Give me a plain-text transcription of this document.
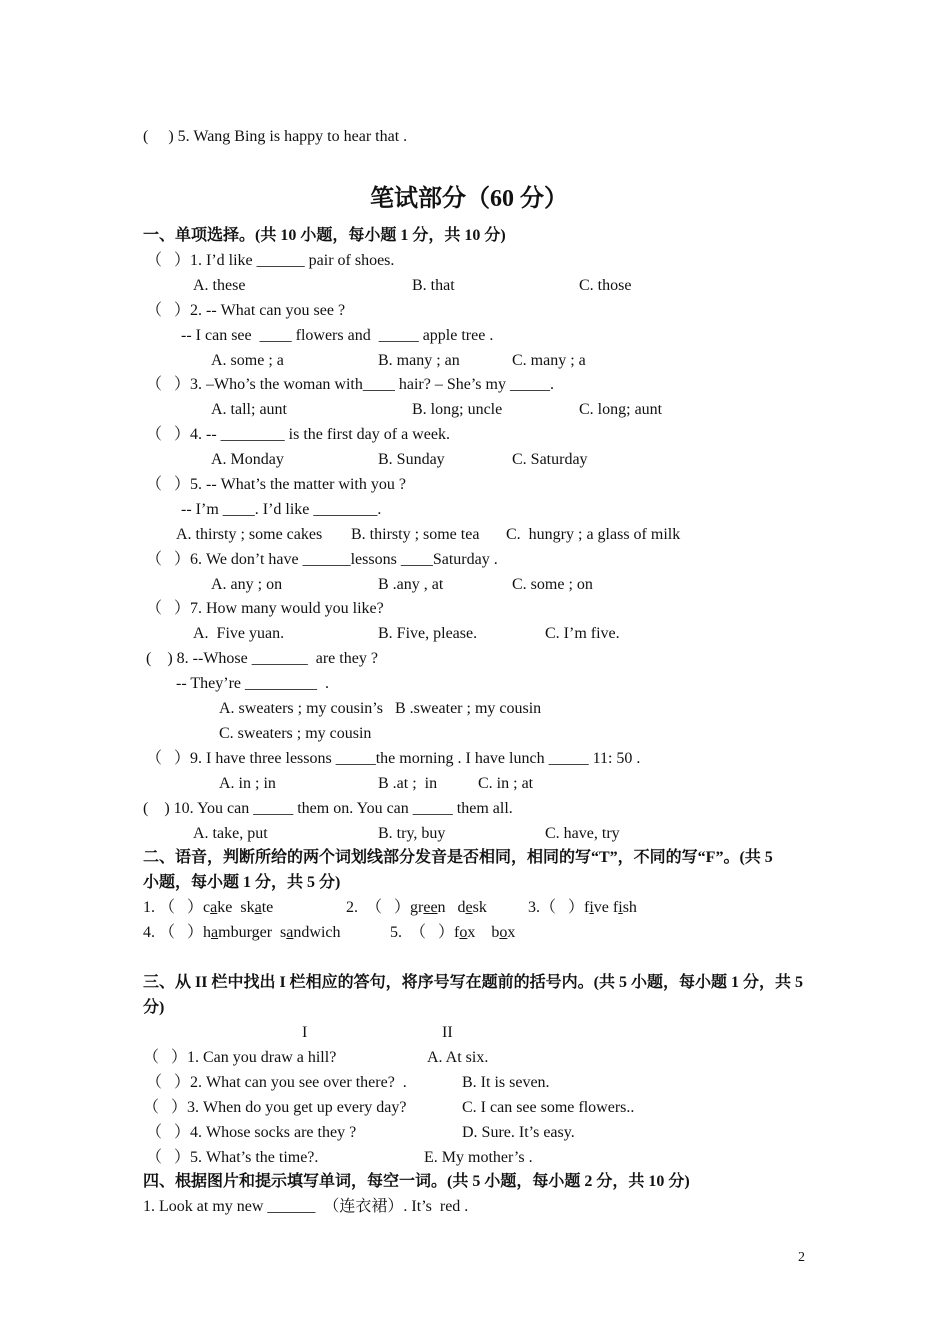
(     ) 5. Wang Bing is happy to hear that .
笔试部分（60 分）
一、单项选择。(共 10 小题，每小题 1 分，共 10 分)
（   ）1. I’d like ______ pair of shoes.
A. these	B. that	C. those
（   ）2. -- What can you see ?
-- I can see  ____ flowers and  _____ apple tree .
A. some ; a	B. many ; an	C. many ; a
（   ）3. –Who’s the woman with____ hair? – She’s my _____.
A. tall; aunt	B. long; uncle	C. long; aunt
（   ）4. -- ________ is the first day of a week.
A. Monday	B. Sunday	C. Saturday
（   ）5. -- What’s the matter with you ?
-- I’m ____. I’d like ________.
A. thirsty ; some cakes B. thirsty ; some tea C.  hungry ; a glass of milk
（   ）6. We don’t have ______lessons ____Saturday .
A. any ; on	B .any , at	C. some ; on
（   ）7. How many would you like?
A.  Five yuan.	B. Five, please.	C. I’m five.
(    ) 8. --Whose _______  are they ?
-- They’re _________  .
A. sweaters ; my cousin’s   B .sweater ; my cousin
C. sweaters ; my cousin
（   ）9. I have three lessons _____the morning . I have lunch _____ 11: 50 .
A. in ; in	B .at ;  in	C. in ; at
(    ) 10. You can _____ them on. You can _____ them all.
A. take, put	B. try, buy	C. have, try
二、语音，判断所给的两个词划线部分发音是否相同，相同的写“T”，不同的写“F”。(共 5
小题，每小题 1 分，共 5 分)
1. （   ）cake  skate	2.  （   ）green   desk	3.（   ）five fish
4. （   ）hamburger  sandwich	5.  （   ）fox    box
三、从 II 栏中找出 I 栏相应的答句，将序号写在题前的括号内。(共 5 小题，每小题 1 分，共 5
分)
I	II
（   ）1. Can you draw a hill?	A. At six.
（   ）2. What can you see over there?  .	B. It is seven.
（   ）3. When do you get up every day?	C. I can see some flowers..
（   ）4. Whose socks are they ?	D. Sure. It’s easy.
（   ）5. What’s the time?.	E. My mother’s .
四、根据图片和提示填写单词，每空一词。(共 5 小题，每小题 2 分，共 10 分)
1. Look at my new ______  （连衣裙）. It’s  red .
2
